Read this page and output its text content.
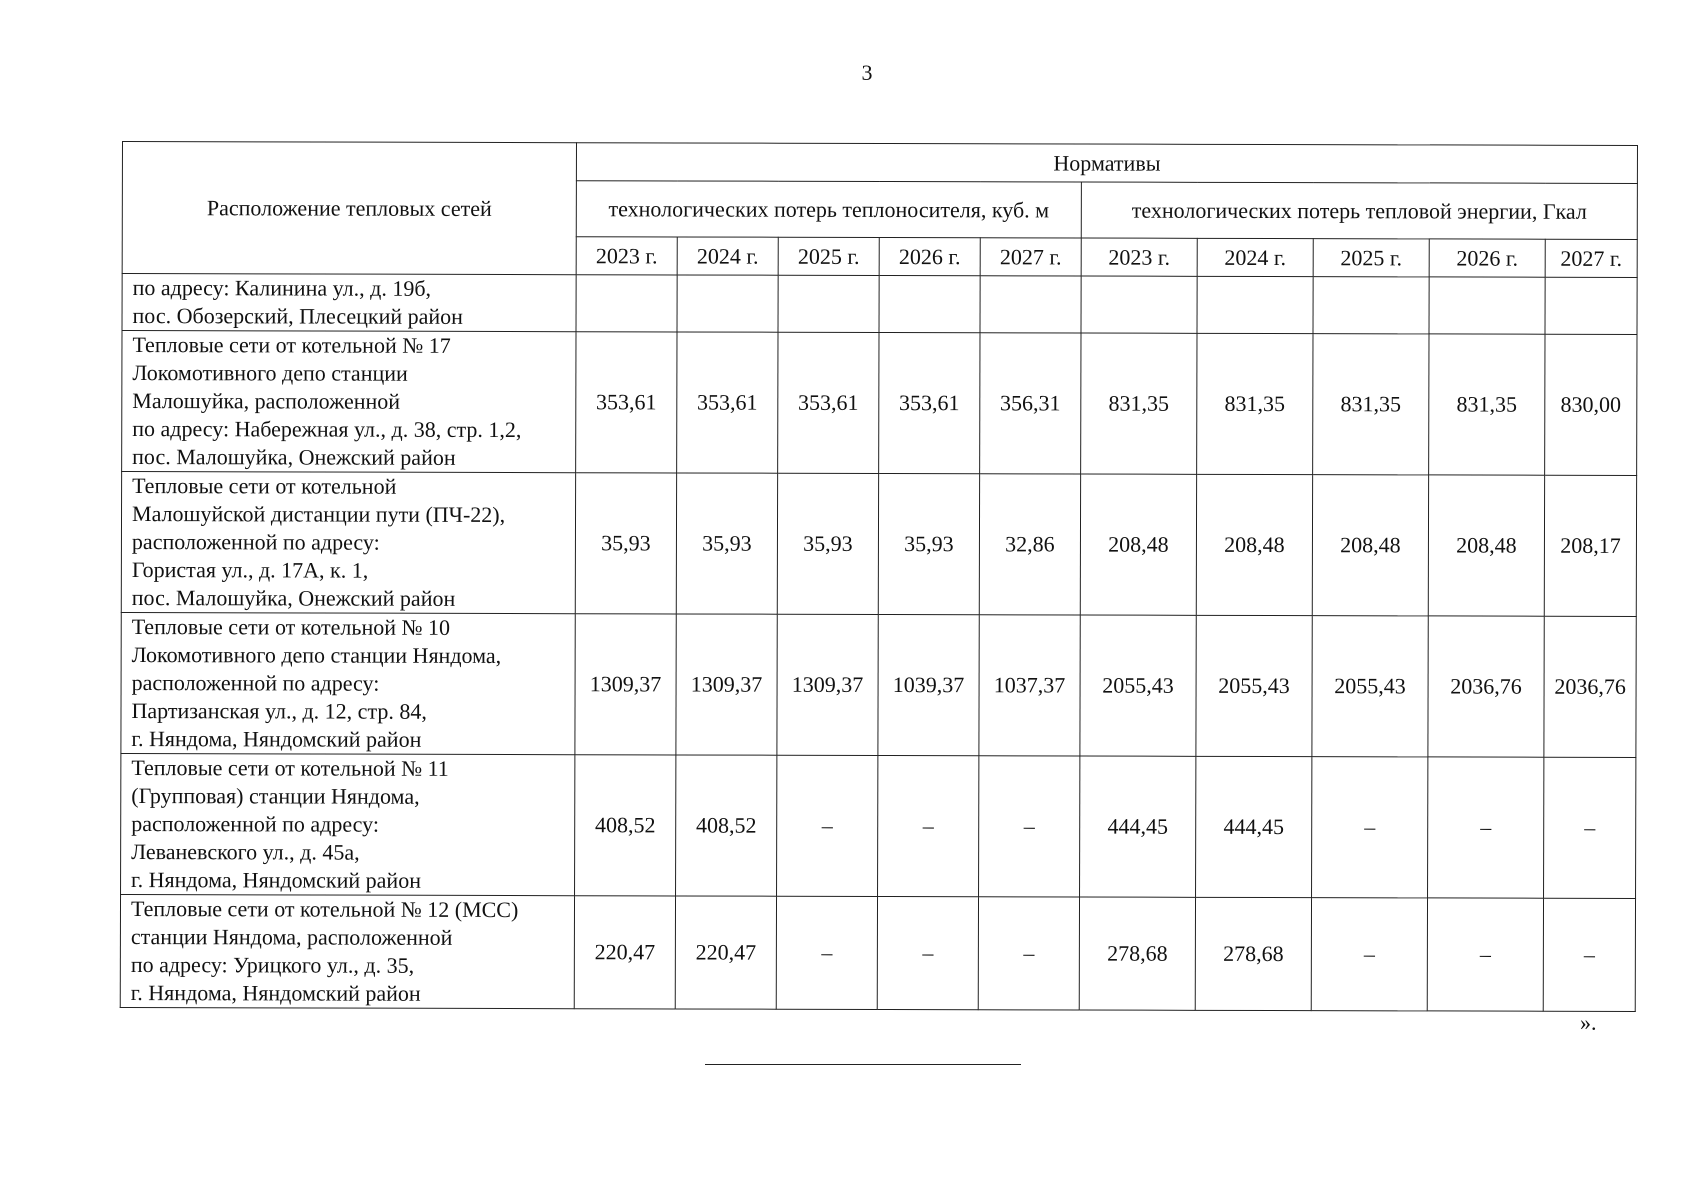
3
Расположение тепловых сетей	Нормативы									
	технологических потерь теплоносителя, куб. м					технологических потерь тепловой энергии, Гкал				
	2023 г.	2024 г.	2025 г.	2026 г.	2027 г.	2023 г.	2024 г.	2025 г.	2026 г.	2027 г.
по адресу: Калинина ул., д. 19б,
пос. Обозерский, Плесецкий район										
Тепловые сети от котельной № 17
Локомотивного депо станции
Малошуйка, расположенной
по адресу: Набережная ул., д. 38, стр. 1,2,
пос. Малошуйка, Онежский район	353,61	353,61	353,61	353,61	356,31	831,35	831,35	831,35	831,35	830,00
Тепловые сети от котельной
Малошуйской дистанции пути (ПЧ-22),
расположенной по адресу:
Гористая ул., д. 17А, к. 1,
пос. Малошуйка, Онежский район	35,93	35,93	35,93	35,93	32,86	208,48	208,48	208,48	208,48	208,17
Тепловые сети от котельной № 10
Локомотивного депо станции Няндома,
расположенной по адресу:
Партизанская ул., д. 12, стр. 84,
г. Няндома, Няндомский район	1309,37	1309,37	1309,37	1039,37	1037,37	2055,43	2055,43	2055,43	2036,76	2036,76
Тепловые сети от котельной № 11
(Групповая) станции Няндома,
расположенной по адресу:
Леваневского ул., д. 45а,
г. Няндома, Няндомский район	408,52	408,52	–	–	–	444,45	444,45	–	–	–
Тепловые сети от котельной № 12 (МСС)
станции Няндома, расположенной
по адресу: Урицкого ул., д. 35,
г. Няндома, Няндомский район	220,47	220,47	–	–	–	278,68	278,68	–	–	–
».
